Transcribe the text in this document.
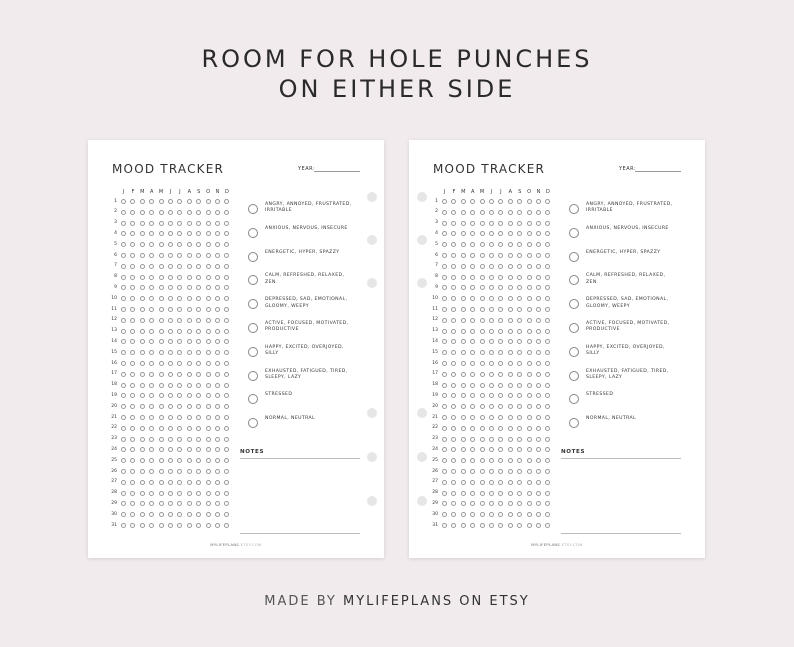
ROOM FOR HOLE PUNCHES
ON EITHER SIDE
MOOD TRACKER	YEAR:
J	F	M	A	M	J	J	A	S	O	N	D
1
2
3
4
5
6
7
8
9
10
11
12
13
14
15
16
17
18
19
20
21
22
23
24
25
26
27
28
29
30
31
ANGRY, ANNOYED, FRUSTRATED,
IRRITABLE
ANXIOUS, NERVOUS, INSECURE
ENERGETIC, HYPER, SPAZZY
CALM, REFRESHED, RELAXED,
ZEN
DEPRESSED, SAD, EMOTIONAL,
GLOOMY, WEEPY
ACTIVE, FOCUSED, MOTIVATED,
PRODUCTIVE
HAPPY, EXCITED, OVERJOYED,
SILLY
EXHAUSTED, FATIGUED, TIRED,
SLEEPY, LAZY
STRESSED
NORMAL, NEUTRAL
NOTES
MYLIFEPLANS.ETSY.COM
MOOD TRACKER	YEAR:
J	F	M	A	M	J	J	A	S	O	N	D
1
2
3
4
5
6
7
8
9
10
11
12
13
14
15
16
17
18
19
20
21
22
23
24
25
26
27
28
29
30
31
ANGRY, ANNOYED, FRUSTRATED,
IRRITABLE
ANXIOUS, NERVOUS, INSECURE
ENERGETIC, HYPER, SPAZZY
CALM, REFRESHED, RELAXED,
ZEN
DEPRESSED, SAD, EMOTIONAL,
GLOOMY, WEEPY
ACTIVE, FOCUSED, MOTIVATED,
PRODUCTIVE
HAPPY, EXCITED, OVERJOYED,
SILLY
EXHAUSTED, FATIGUED, TIRED,
SLEEPY, LAZY
STRESSED
NORMAL, NEUTRAL
NOTES
MYLIFEPLANS.ETSY.COM
MADE BY MYLIFEPLANS ON ETSY
